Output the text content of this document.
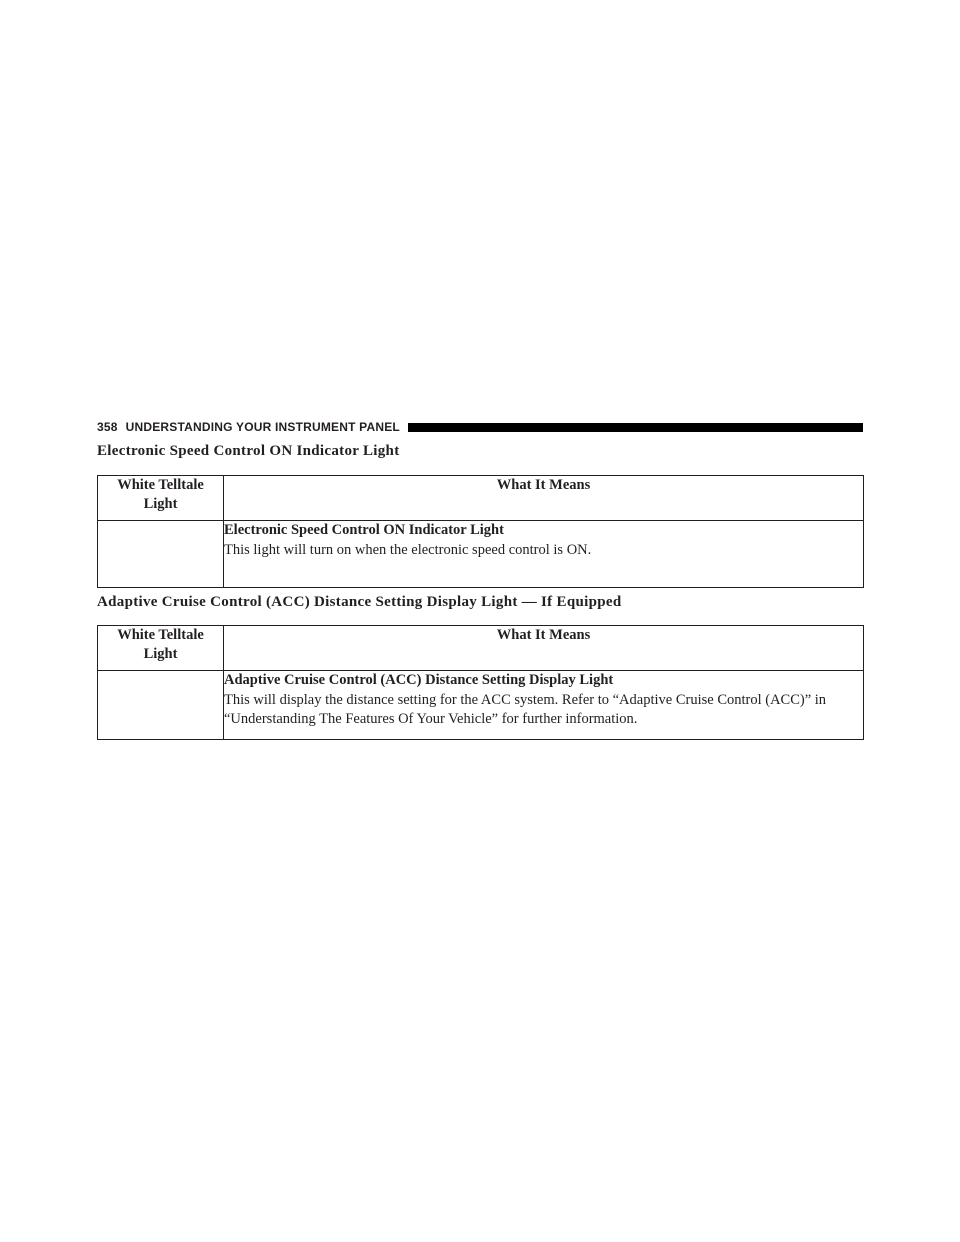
358 UNDERSTANDING YOUR INSTRUMENT PANEL
Electronic Speed Control ON Indicator Light
White Telltale
Light	What It Means

	Electronic Speed Control ON Indicator Light
This light will turn on when the electronic speed control is ON.
Adaptive Cruise Control (ACC) Distance Setting Display Light — If Equipped
White Telltale
Light	What It Means

	Adaptive Cruise Control (ACC) Distance Setting Display Light
This will display the distance setting for the ACC system. Refer to “Adaptive Cruise Control (ACC)” in “Understanding The Features Of Your Vehicle” for further information.
